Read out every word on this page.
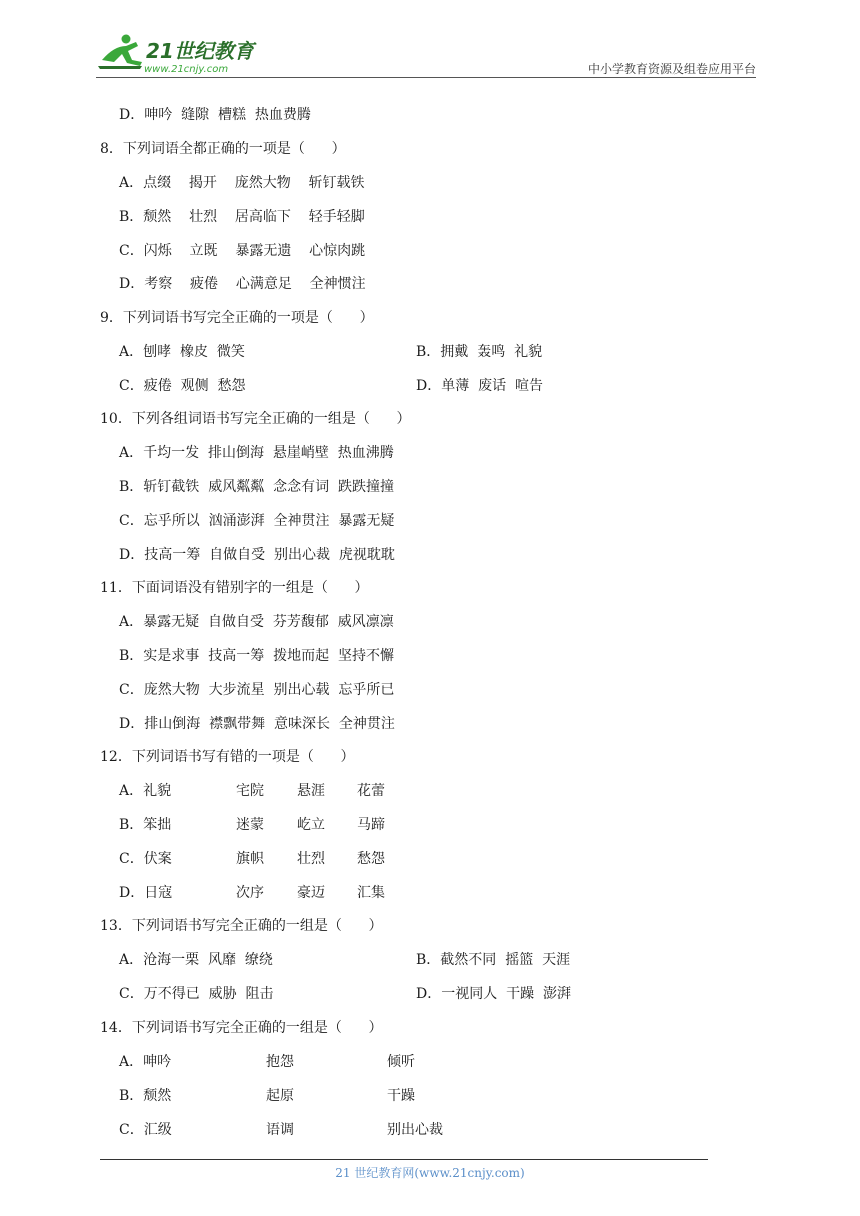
21世纪教育
www.21cnjy.com	中小学教育资源及组卷应用平台
D．呻吟  缝隙  槽糕  热血费腾
8．下列词语全都正确的一项是（      ）
A．点缀    揭开    庞然大物    斩钉载铁
B．颓然    壮烈    居高临下    轻手轻脚
C．闪烁    立既    暴露无遗    心惊肉跳
D．考察    疲倦    心满意足    全神惯注
9．下列词语书写完全正确的一项是（      ）
A．刨哮  橡皮  微笑	B．拥戴  轰鸣  礼貌
C．疲倦  观侧  愁怨	D．单薄  废话  喧告
10．下列各组词语书写完全正确的一组是（      ）
A．千均一发  排山倒海  悬崖峭壁  热血沸腾
B．斩钉截铁  威风粼粼  念念有词  跌跌撞撞
C．忘乎所以  汹涌澎湃  全神贯注  暴露无疑
D．技高一筹  自做自受  别出心裁  虎视耽耽
11．下面词语没有错别字的一组是（      ）
A．暴露无疑  自做自受  芬芳馥郁  威风凛凛
B．实是求事  技高一筹  拨地而起  坚持不懈
C．庞然大物  大步流星  别出心载  忘乎所已
D．排山倒海  襟飘带舞  意味深长  全神贯注
12．下列词语书写有错的一项是（      ）
A．礼貌	宅院 悬涯 花蕾
B．笨拙	迷蒙 屹立 马蹄
C．伏案	旗帜 壮烈 愁怨
D．日寇	次序 豪迈 汇集
13．下列词语书写完全正确的一组是（      ）
A．沧海一栗  风靡  缭绕	B．截然不同  摇篮  天涯
C．万不得已  威胁  阻击	D．一视同人  干躁  澎湃
14．下列词语书写完全正确的一组是（      ）
A．呻吟	抱怨	倾听
B．颓然	起原	干躁
C．汇级	语调	别出心裁
21 世纪教育网(www.21cnjy.com)
